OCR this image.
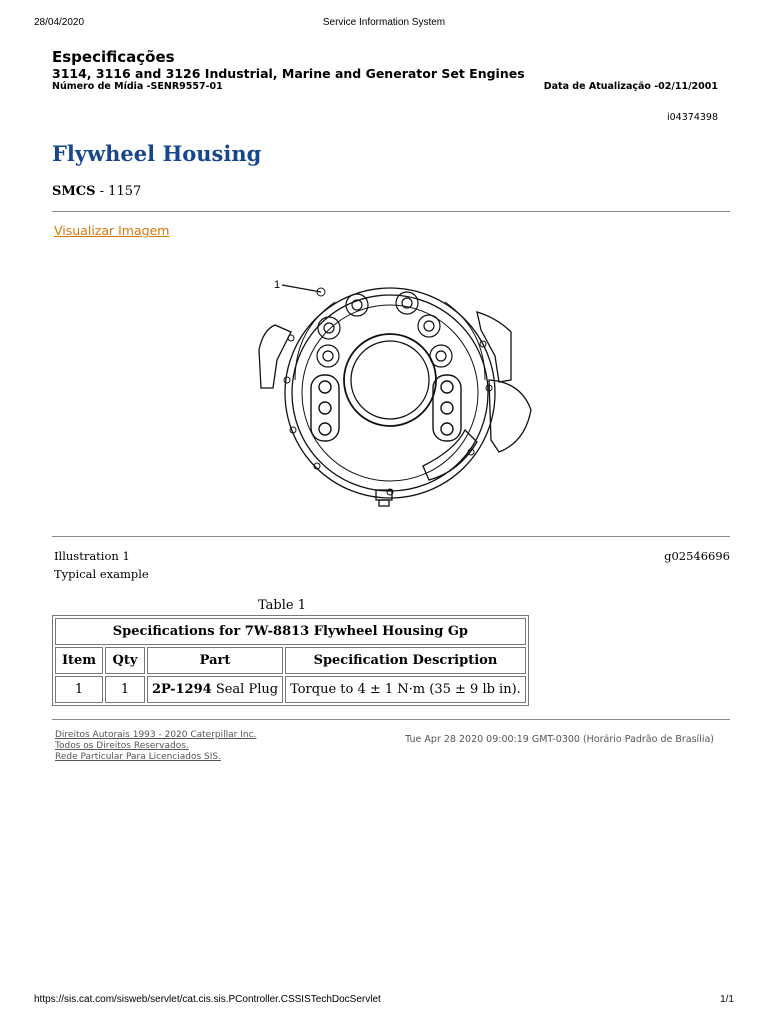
28/04/2020	Service Information System

Especificações

3114, 3116 and 3126 Industrial, Marine and Generator Set Engines

Número de Mídia -SENR9557-01	Data de Atualização -02/11/2001
i04374398
Flywheel Housing
SMCS - 1157
Visualizar Imagem
1
Illustration 1	g02546696
Typical example
Table 1
Specifications for 7W-8813 Flywheel Housing Gp			
Item	Qty	Part	Specification Description
1	1	2P-1294 Seal Plug	Torque to 4 ± 1 N·m (35 ± 9 lb in).
Direitos Autorais 1993 - 2020 Caterpillar Inc.
Todos os Direitos Reservados.
Rede Particular Para Licenciados SIS.
Tue Apr 28 2020 09:00:19 GMT-0300 (Horário Padrão de Brasília)
https://sis.cat.com/sisweb/servlet/cat.cis.sis.PController.CSSISTechDocServlet	1/1
